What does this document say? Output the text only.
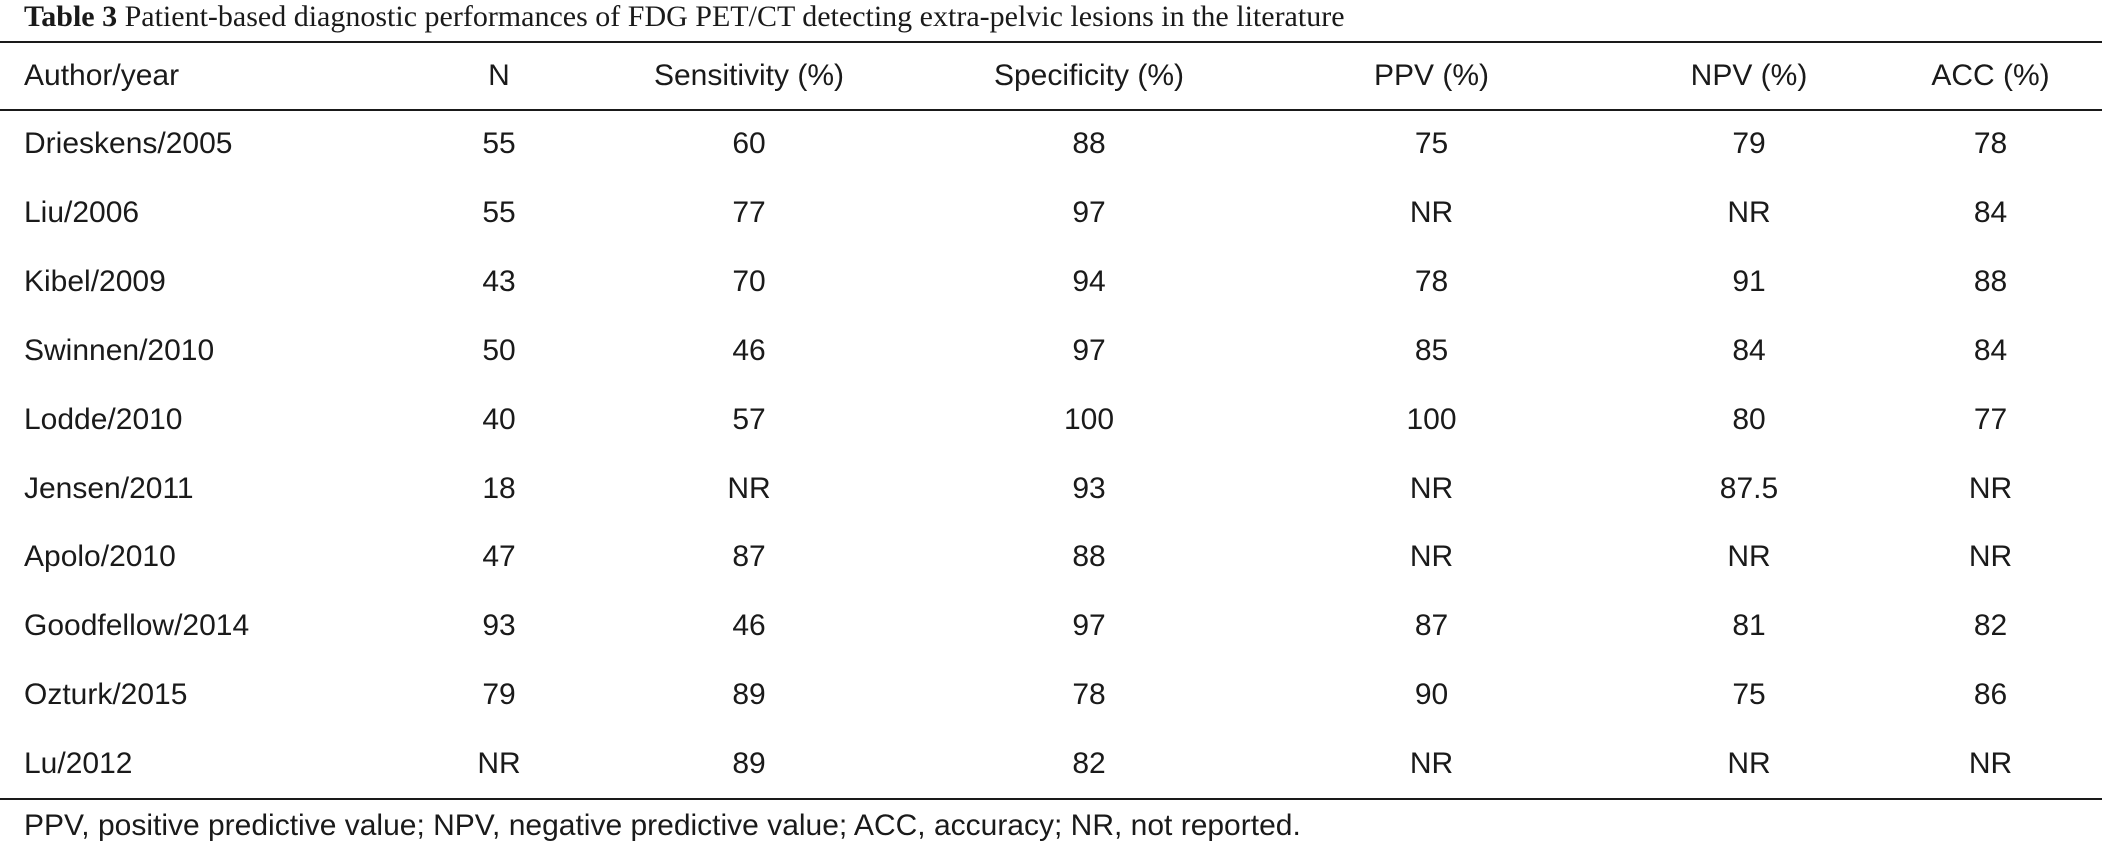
Table 3 Patient-based diagnostic performances of FDG PET/CT detecting extra-pelvic lesions in the literature
Author/year	N	Sensitivity (%)	Specificity (%)	PPV (%)	NPV (%)	ACC (%)
Drieskens/2005	55	60	88	75	79	78
Liu/2006	55	77	97	NR	NR	84
Kibel/2009	43	70	94	78	91	88
Swinnen/2010	50	46	97	85	84	84
Lodde/2010	40	57	100	100	80	77
Jensen/2011	18	NR	93	NR	87.5	NR
Apolo/2010	47	87	88	NR	NR	NR
Goodfellow/2014	93	46	97	87	81	82
Ozturk/2015	79	89	78	90	75	86
Lu/2012	NR	89	82	NR	NR	NR
PPV, positive predictive value; NPV, negative predictive value; ACC, accuracy; NR, not reported.
